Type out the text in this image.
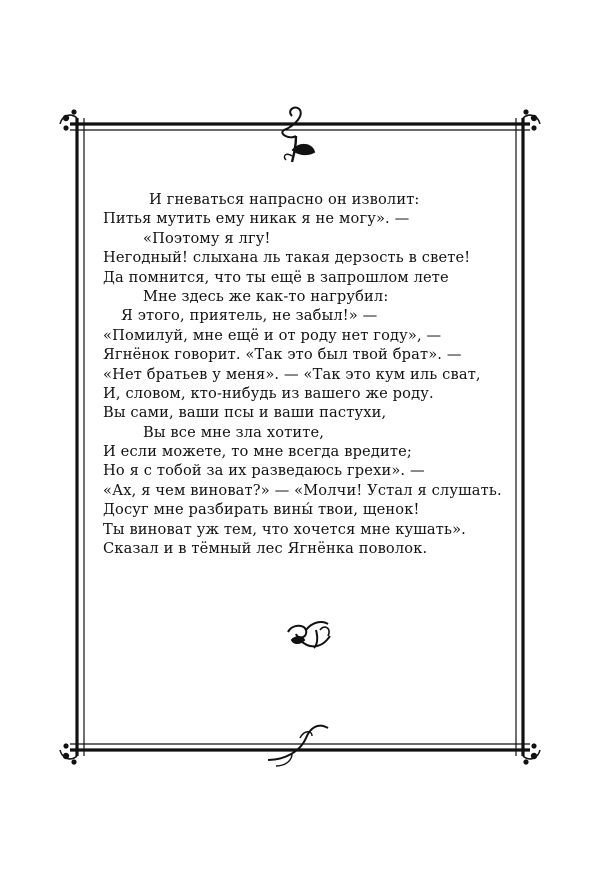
И гневаться напрасно он изволит:
Питья мутить ему никак я не могу». —
«Поэтому я лгу!
Негодный! слыхана ль такая дерзость в свете!
Да помнится, что ты ещё в запрошлом лете
Мне здесь же как-то нагрубил:
Я этого, приятель, не забыл!» —
«Помилуй, мне ещё и от роду нет году», —
Ягнёнок говорит. «Так это был твой брат». —
«Нет братьев у меня». — «Так это кум иль сват,
И, словом, кто-нибудь из вашего же роду.
Вы сами, ваши псы и ваши пастухи,
Вы все мне зла хотите,
И если можете, то мне всегда вредите;
Но я с тобой за их разведаюсь грехи». —
«Ах, я чем виноват?» — «Молчи! Устал я слушать.
Досуг мне разбирать вины́ твои, щенок!
Ты виноват уж тем, что хочется мне кушать».
Сказал и в тёмный лес Ягнёнка поволок.
